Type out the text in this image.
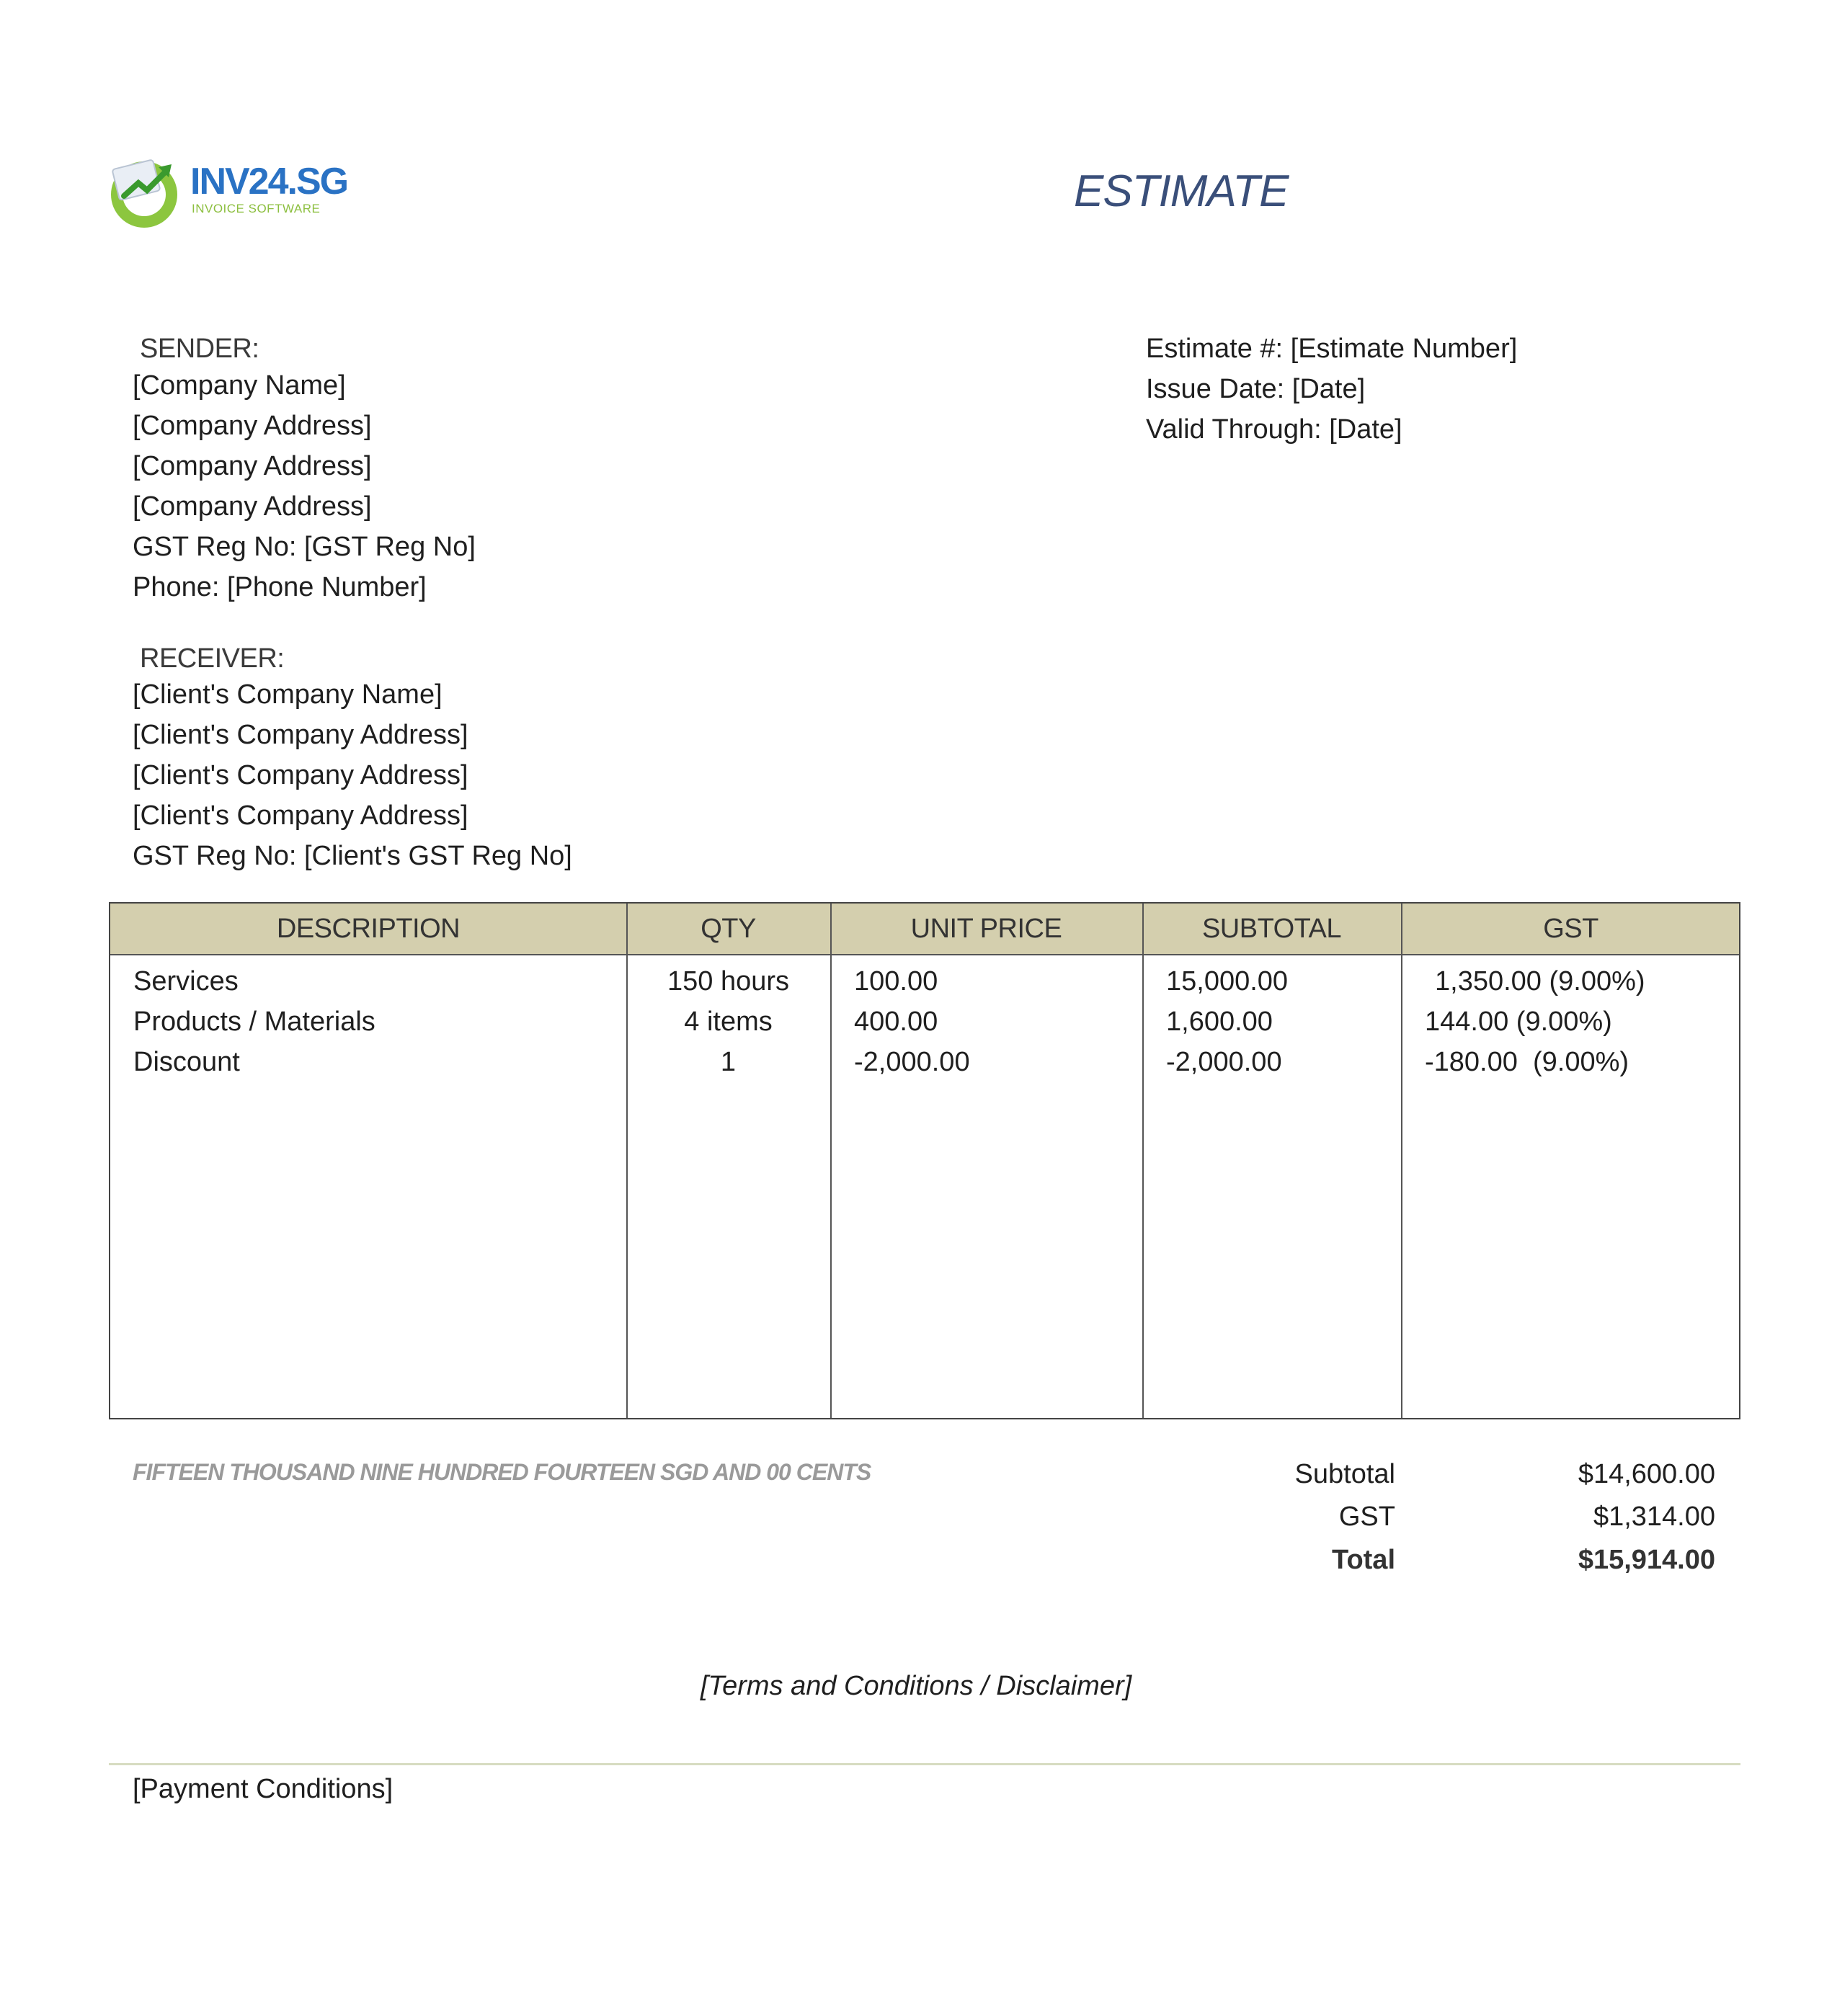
INV24.SG
INVOICE SOFTWARE	ESTIMATE
SENDER:
[Company Name]
[Company Address]
[Company Address]
[Company Address]
GST Reg No: [GST Reg No]
Phone: [Phone Number]
Estimate #: [Estimate Number]
Issue Date: [Date]
Valid Through: [Date]
RECEIVER:
[Client's Company Name]
[Client's Company Address]
[Client's Company Address]
[Client's Company Address]
GST Reg No: [Client's GST Reg No]
DESCRIPTION	QTY	UNIT PRICE	SUBTOTAL	GST
Services	150 hours	100.00	15,000.00	1,350.00 (9.00%)
Products / Materials	4 items	400.00	1,600.00	144.00 (9.00%)
Discount	1	-2,000.00	-2,000.00	-180.00  (9.00%)
FIFTEEN THOUSAND NINE HUNDRED FOURTEEN SGD AND 00 CENTS	Subtotal	$14,600.00
GST	$1,314.00
Total	$15,914.00
[Terms and Conditions / Disclaimer]
[Payment Conditions]
